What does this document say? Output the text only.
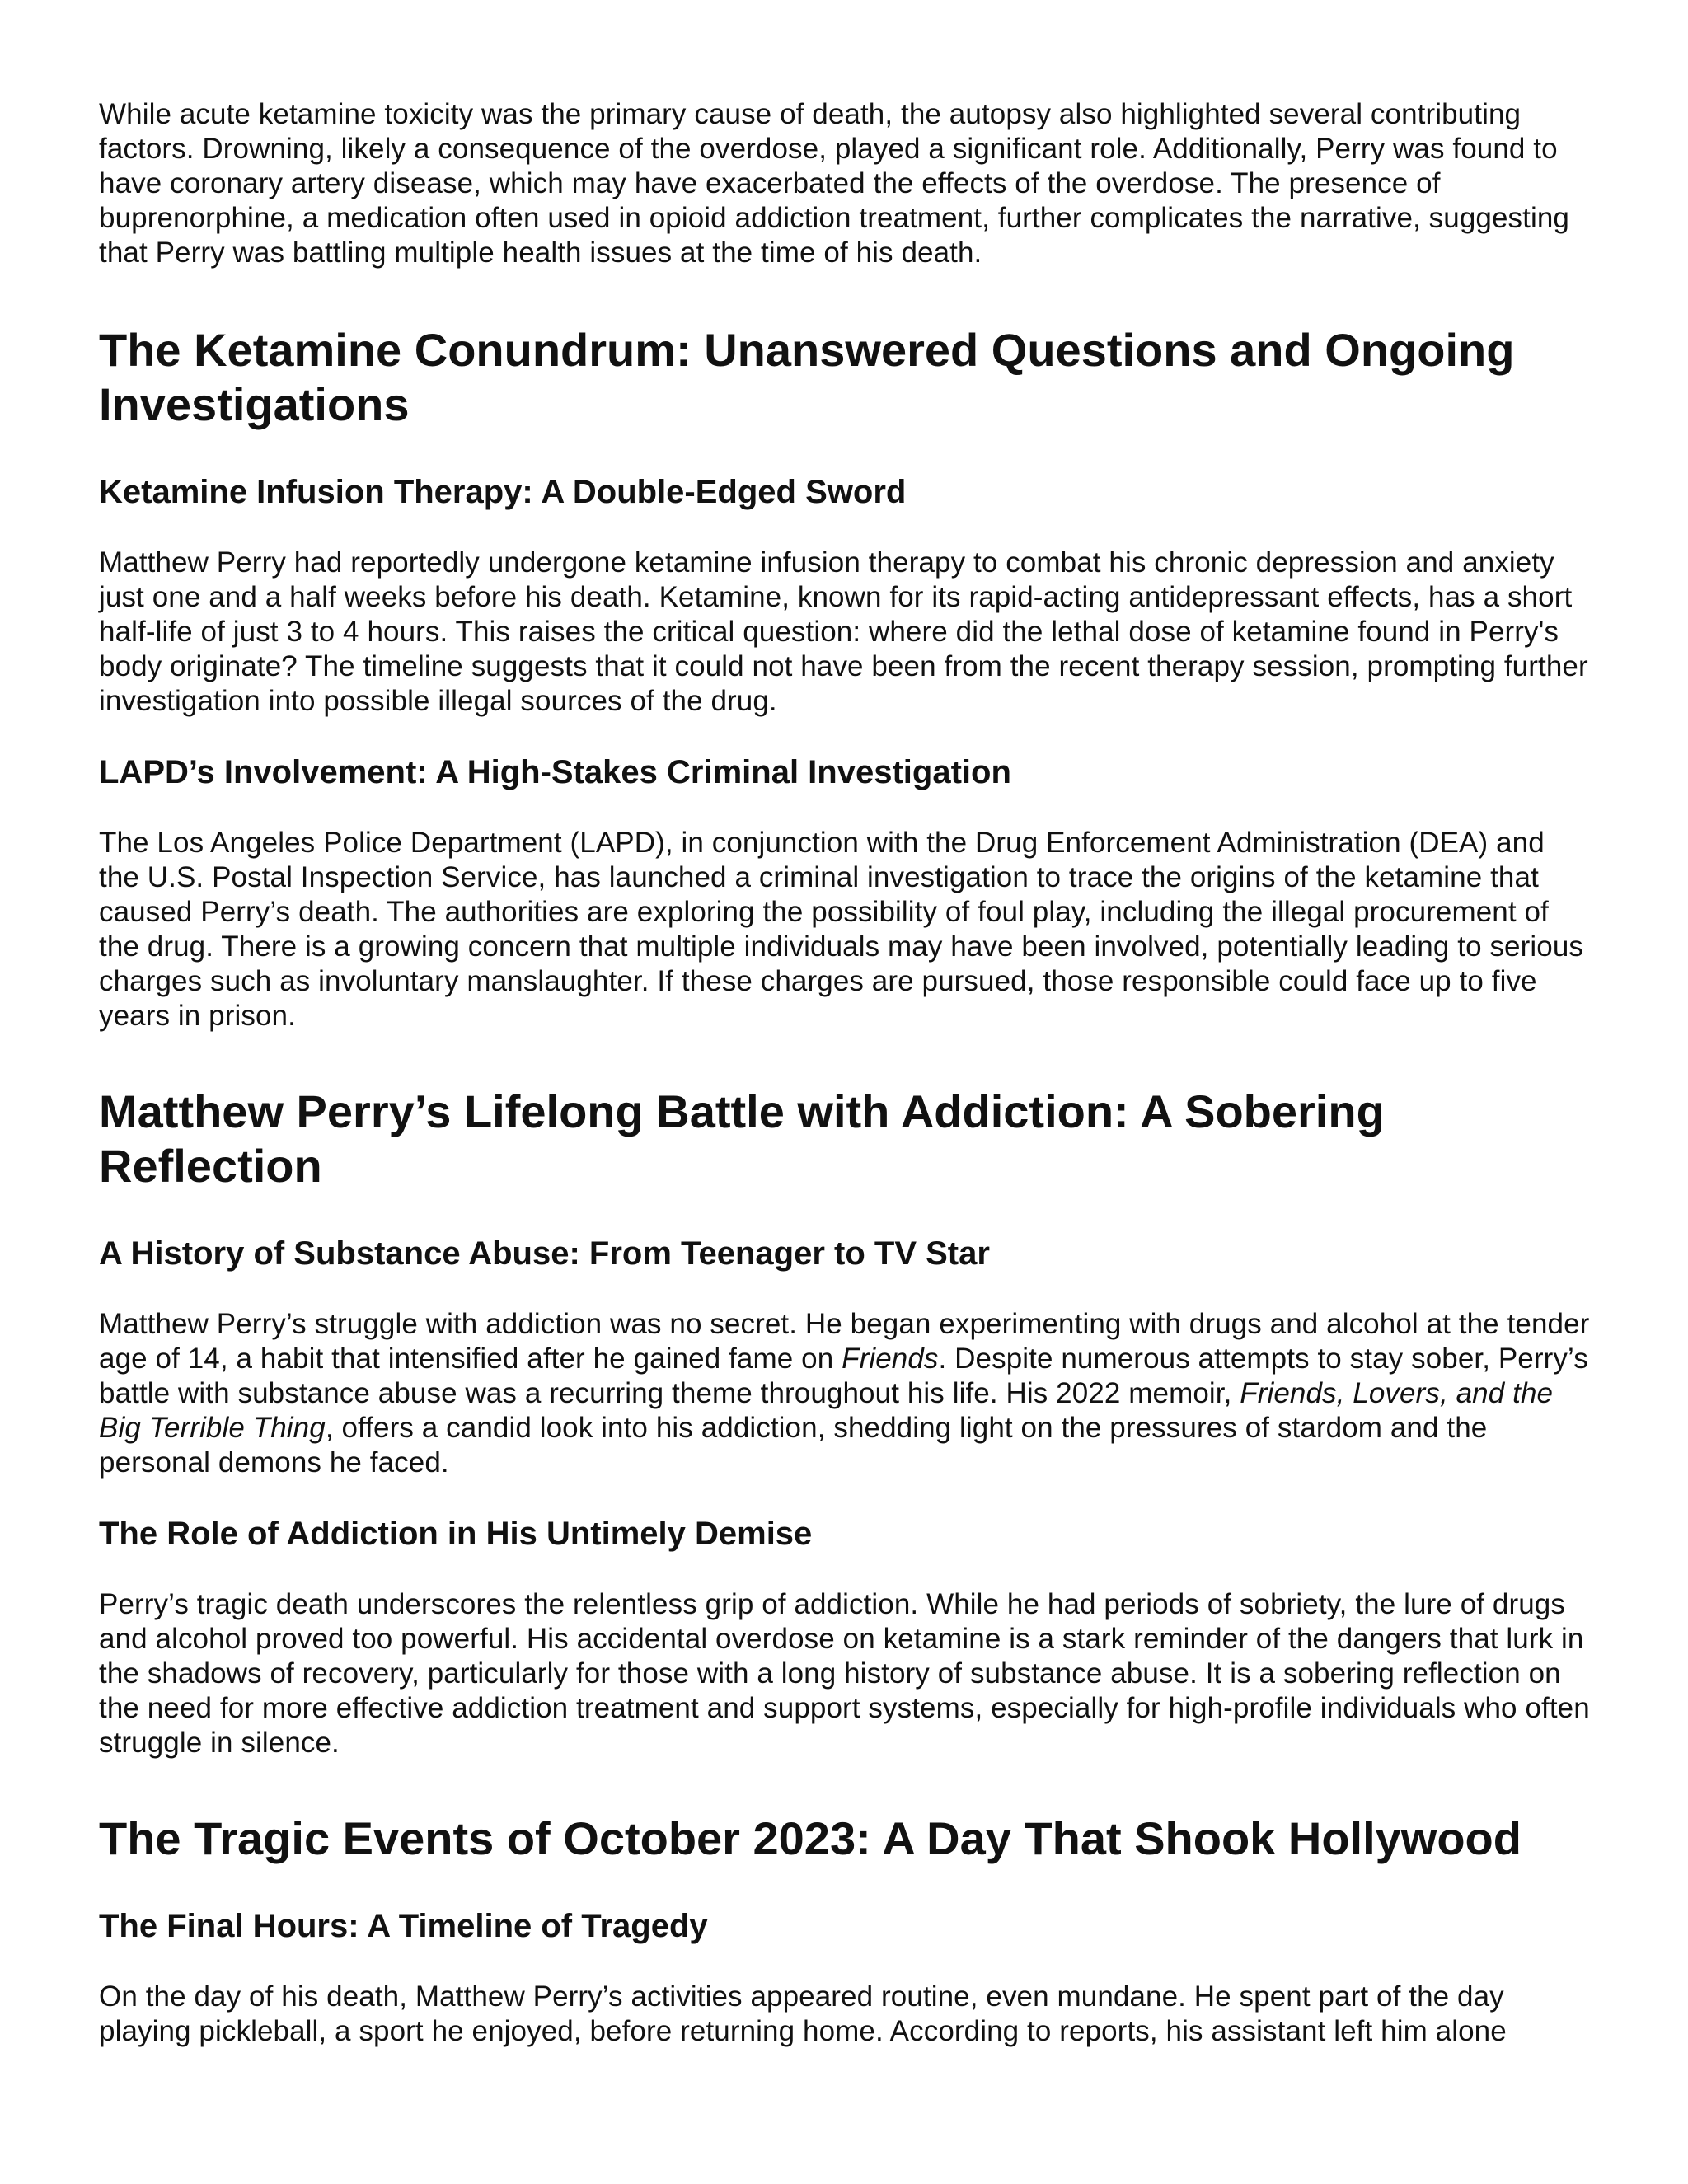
While acute ketamine toxicity was the primary cause of death, the autopsy also highlighted several contributing factors. Drowning, likely a consequence of the overdose, played a significant role. Additionally, Perry was found to have coronary artery disease, which may have exacerbated the effects of the overdose. The presence of buprenorphine, a medication often used in opioid addiction treatment, further complicates the narrative, suggesting that Perry was battling multiple health issues at the time of his death.

The Ketamine Conundrum: Unanswered Questions and Ongoing Investigations
Ketamine Infusion Therapy: A Double-Edged Sword

Matthew Perry had reportedly undergone ketamine infusion therapy to combat his chronic depression and anxiety just one and a half weeks before his death. Ketamine, known for its rapid-acting antidepressant effects, has a short half-life of just 3 to 4 hours. This raises the critical question: where did the lethal dose of ketamine found in Perry's body originate? The timeline suggests that it could not have been from the recent therapy session, prompting further investigation into possible illegal sources of the drug.

LAPD’s Involvement: A High-Stakes Criminal Investigation

The Los Angeles Police Department (LAPD), in conjunction with the Drug Enforcement Administration (DEA) and the U.S. Postal Inspection Service, has launched a criminal investigation to trace the origins of the ketamine that caused Perry’s death. The authorities are exploring the possibility of foul play, including the illegal procurement of the drug. There is a growing concern that multiple individuals may have been involved, potentially leading to serious charges such as involuntary manslaughter. If these charges are pursued, those responsible could face up to five years in prison.

Matthew Perry’s Lifelong Battle with Addiction: A Sobering Reflection
A History of Substance Abuse: From Teenager to TV Star

Matthew Perry’s struggle with addiction was no secret. He began experimenting with drugs and alcohol at the tender age of 14, a habit that intensified after he gained fame on Friends. Despite numerous attempts to stay sober, Perry’s battle with substance abuse was a recurring theme throughout his life. His 2022 memoir, Friends, Lovers, and the Big Terrible Thing, offers a candid look into his addiction, shedding light on the pressures of stardom and the personal demons he faced.

The Role of Addiction in His Untimely Demise

Perry’s tragic death underscores the relentless grip of addiction. While he had periods of sobriety, the lure of drugs and alcohol proved too powerful. His accidental overdose on ketamine is a stark reminder of the dangers that lurk in the shadows of recovery, particularly for those with a long history of substance abuse. It is a sobering reflection on the need for more effective addiction treatment and support systems, especially for high-profile individuals who often struggle in silence.

The Tragic Events of October 2023: A Day That Shook Hollywood
The Final Hours: A Timeline of Tragedy

On the day of his death, Matthew Perry’s activities appeared routine, even mundane. He spent part of the day playing pickleball, a sport he enjoyed, before returning home. According to reports, his assistant left him alone
